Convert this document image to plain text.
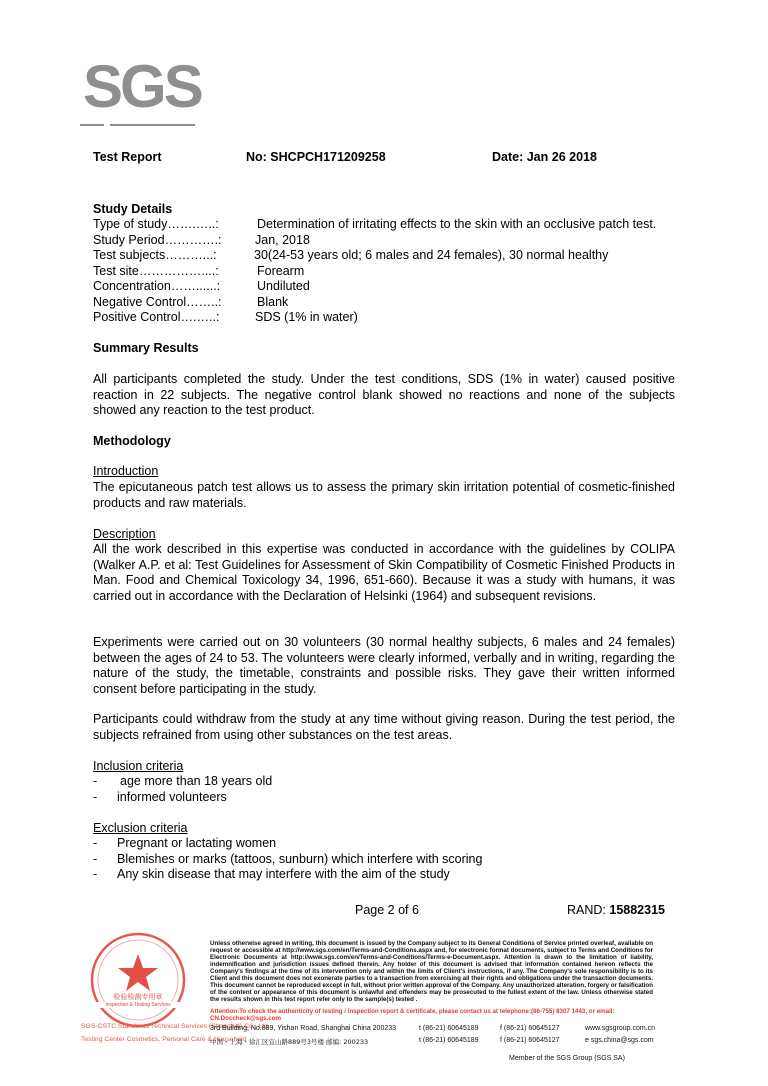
SGS
Test Report	No: SHCPCH171209258	Date: Jan 26 2018
Study Details
Type of study…….…..:	Determination of irritating effects to the skin with an occlusive patch test.
Study Period………….:	Jan, 2018
Test subjects………...:	30(24-53 years old; 6 males and 24 females), 30 normal healthy
Test site……………....:	Forearm
Concentration……......:	Undiluted
Negative Control……..:	Blank
Positive Control….…..:	SDS (1% in water)
Summary Results
All participants completed the study. Under the test conditions, SDS (1% in water) caused positive reaction in 22 subjects. The negative control blank showed no reactions and none of the subjects showed any reaction to the test product.
Methodology
Introduction
The epicutaneous patch test allows us to assess the primary skin irritation potential of cosmetic-finished products and raw materials.
Description
All the work described in this expertise was conducted in accordance with the guidelines by COLIPA (Walker A.P. et al: Test Guidelines for Assessment of Skin Compatibility of Cosmetic Finished Products in Man. Food and Chemical Toxicology 34, 1996, 651-660). Because it was a study with humans, it was carried out in accordance with the Declaration of Helsinki (1964) and subsequent revisions.
Experiments were carried out on 30 volunteers (30 normal healthy subjects, 6 males and 24 females) between the ages of 24 to 53. The volunteers were clearly informed, verbally and in writing, regarding the nature of the study, the timetable, constraints and possible risks. They gave their written informed consent before participating in the study.
Participants could withdraw from the study at any time without giving reason. During the test period, the subjects refrained from using other substances on the test areas.
Inclusion criteria
- age more than 18 years old
- informed volunteers
Exclusion criteria
- Pregnant or lactating women
- Blemishes or marks (tattoos, sunburn) which interfere with scoring
- Any skin disease that may interfere with the aim of the study
Page 2 of 6	RAND: 15882315
检验检测专用章
Inspection & Testing Services
SGS-CSTC Standards Technical Services (Shanghai) Co., Ltd.
Testing Center Cosmetics, Personal Care & Household
Unless otherwise agreed in writing, this document is issued by the Company subject to its General Conditions of Service printed overleaf, available on request or accessible at http://www.sgs.com/en/Terms-and-Conditions.aspx and, for electronic format documents, subject to Terms and Conditions for Electronic Documents at http://www.sgs.com/en/Terms-and-Conditions/Terms-e-Document.aspx. Attention is drawn to the limitation of liability, indemnification and jurisdiction issues defined therein. Any holder of this document is advised that information contained hereon reflects the Company's findings at the time of its intervention only and within the limits of Client's instructions, if any. The Company's sole responsibility is to its Client and this document does not exonerate parties to a transaction from exercising all their rights and obligations under the transaction documents. This document cannot be reproduced except in full, without prior written approval of the Company. Any unauthorized alteration, forgery or falsification of the content or appearance of this document is unlawful and offenders may be prosecuted to the fullest extent of the law. Unless otherwise stated the results shown in this test report refer only to the sample(s) tested .
Attention:To check the authenticity of testing / inspection report & certificate, please contact us at telephone:(86-755) 8307 1443, or email: CN.Doccheck@sgs.com
3rd Building, No.889, Yishan Road, Shanghai China 200233	t (86-21) 60645189	f (86-21) 60645127	www.sgsgroup.com.cn
中国・上海・徐汇区宜山路889号3号楼 邮编: 200233	t (86-21) 60645189	f (86-21) 60645127	e sgs.china@sgs.com
Member of the SGS Group (SGS SA)
